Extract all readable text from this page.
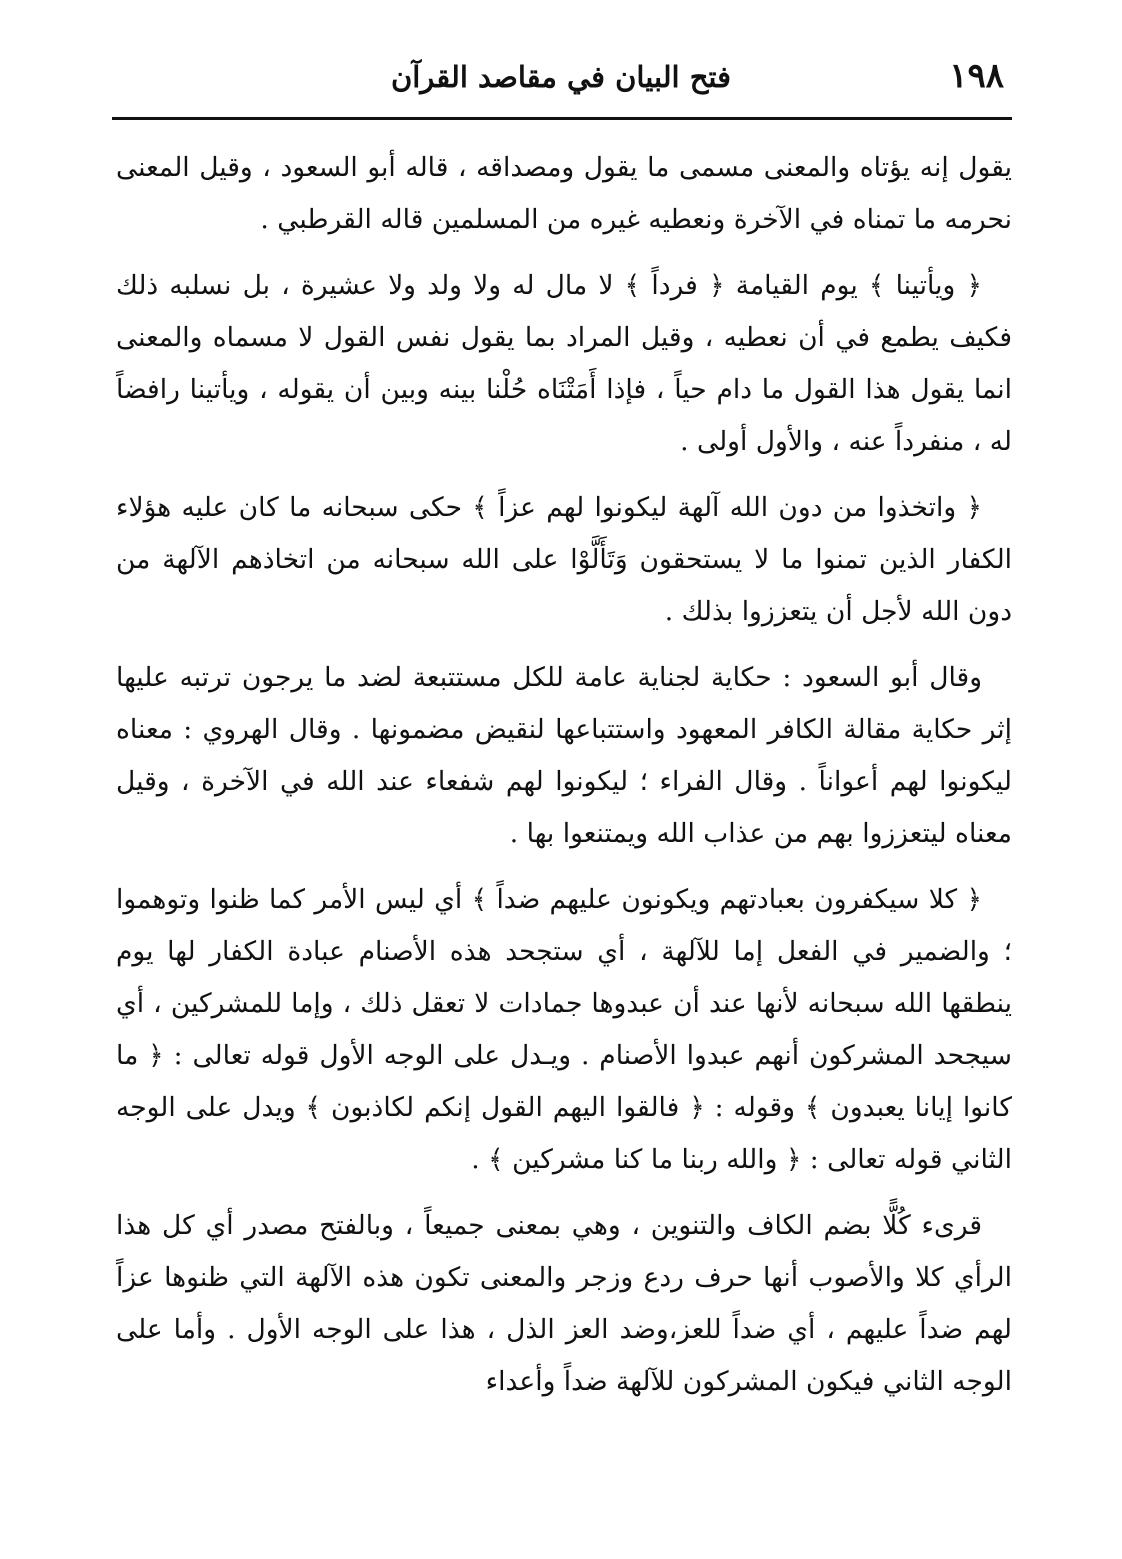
١٩٨
فتح البيان في مقاصد القرآن

يقول إنه يؤتاه والمعنى مسمى ما يقول ومصداقه ، قاله أبو السعود ، وقيل المعنى نحرمه ما تمناه في الآخرة ونعطيه غيره من المسلمين قاله القرطبي .

﴿ ويأتينا ﴾ يوم القيامة ﴿ فرداً ﴾ لا مال له ولا ولد ولا عشيرة ، بل نسلبه ذلك فكيف يطمع في أن نعطيه ، وقيل المراد بما يقول نفس القول لا مسماه والمعنى انما يقول هذا القول ما دام حياً ، فإذا أَمَتْنَاه حُلْنا بينه وبين أن يقوله ، ويأتينا رافضاً له ، منفرداً عنه ، والأول أولى .

﴿ واتخذوا من دون الله آلهة ليكونوا لهم عزاً ﴾ حكى سبحانه ما كان عليه هؤلاء الكفار الذين تمنوا ما لا يستحقون وَتَأَلَّوْا على الله سبحانه من اتخاذهم الآلهة من دون الله لأجل أن يتعززوا بذلك .

وقال أبو السعود : حكاية لجناية عامة للكل مستتبعة لضد ما يرجون ترتبه عليها إثر حكاية مقالة الكافر المعهود واستتباعها لنقيض مضمونها . وقال الهروي : معناه ليكونوا لهم أعواناً . وقال الفراء ؛ ليكونوا لهم شفعاء عند الله في الآخرة ، وقيل معناه ليتعززوا بهم من عذاب الله ويمتنعوا بها .

﴿ كلا سيكفرون بعبادتهم ويكونون عليهم ضداً ﴾ أي ليس الأمر كما ظنوا وتوهموا ؛ والضمير في الفعل إما للآلهة ، أي ستجحد هذه الأصنام عبادة الكفار لها يوم ينطقها الله سبحانه لأنها عند أن عبدوها جمادات لا تعقل ذلك ، وإما للمشركين ، أي سيجحد المشركون أنهم عبدوا الأصنام . ويـدل على الوجه الأول قوله تعالى : ﴿ ما كانوا إيانا يعبدون ﴾ وقوله : ﴿ فالقوا اليهم القول إنكم لكاذبون ﴾ ويدل على الوجه الثاني قوله تعالى : ﴿ والله ربنا ما كنا مشركين ﴾ .

قرىء كُلًّا بضم الكاف والتنوين ، وهي بمعنى جميعاً ، وبالفتح مصدر أي كل هذا الرأي كلا والأصوب أنها حرف ردع وزجر والمعنى تكون هذه الآلهة التي ظنوها عزاً لهم ضداً عليهم ، أي ضداً للعز،وضد العز الذل ، هذا على الوجه الأول . وأما على الوجه الثاني فيكون المشركون للآلهة ضداً وأعداء
